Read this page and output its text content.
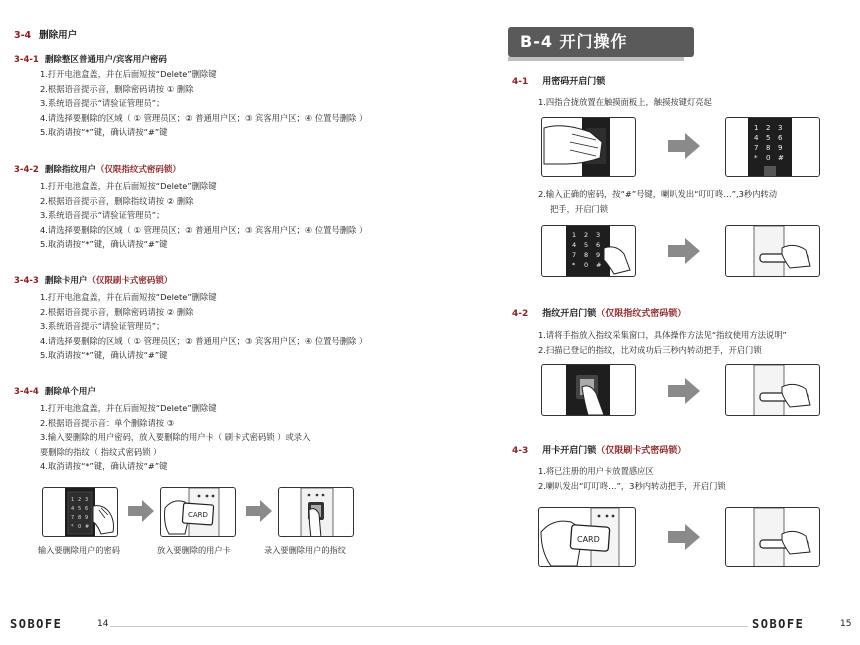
3-4 删除用户
3-4-1 删除整区普通用户/宾客用户密码
1.打开电池盒盖，并在后面短按“Delete”删除键
2.根据语音提示音，删除密码请按 ① 删除
3.系统语音提示“请验证管理员”；
4.请选择要删除的区域（ ① 管理员区；② 普通用户区；③ 宾客用户区；④ 位置号删除 ）
5.取消请按“*”键，确认请按“#”键
3-4-2 删除指纹用户（仅限指纹式密码锁）
1.打开电池盒盖，并在后面短按“Delete”删除键
2.根据语音提示音，删除指纹请按 ② 删除
3.系统语音提示“请验证管理员”；
4.请选择要删除的区域（ ① 管理员区；② 普通用户区；③ 宾客用户区；④ 位置号删除 ）
5.取消请按“*”键，确认请按“#”键
3-4-3 删除卡用户（仅限刷卡式密码锁）
1.打开电池盒盖，并在后面短按“Delete”删除键
2.根据语音提示音，删除密码请按 ② 删除
3.系统语音提示“请验证管理员”；
4.请选择要删除的区域（ ① 管理员区；② 普通用户区；③ 宾客用户区；④ 位置号删除 ）
5.取消请按“*”键，确认请按“#”键
3-4-4 删除单个用户
1.打开电池盒盖，并在后面短按“Delete”删除键
2.根据语音提示音：单个删除请按 ③
3.输入要删除的用户密码，放入要删除的用户卡（ 刷卡式密码锁 ）或录入
要删除的指纹（ 指纹式密码锁 ）
4.取消请按“*”键，确认请按“#”键
1 2 3
4 5 6
7 8 9
* 0 #
CARD
输入要删除用户的密码	放入要删除的用户卡	录入要删除用户的指纹
SOBOFE	14
B-4 开门操作
4-1 用密码开启门锁
1.四指合拢放置在触摸面板上，触摸按键灯亮起
1 2 3
4 5 6
7 8 9
* 0 #
2.输入正确的密码，按“#”号键，喇叭发出“叮叮咚…”,3秒内转动
把手，开启门锁
1 2 3
4 5 6
7 8 9
* 0 #
4-2 指纹开启门锁（仅限指纹式密码锁）
1.请将手指放入指纹采集窗口，具体操作方法见“指纹使用方法说明”
2.扫描已登记的指纹，比对成功后三秒内转动把手，开启门锁
4-3 用卡开启门锁（仅限刷卡式密码锁）
1.将已注册的用户卡放置感应区
2.喇叭发出“叮叮咚…”，3秒内转动把手，开启门锁
CARD
SOBOFE	15
